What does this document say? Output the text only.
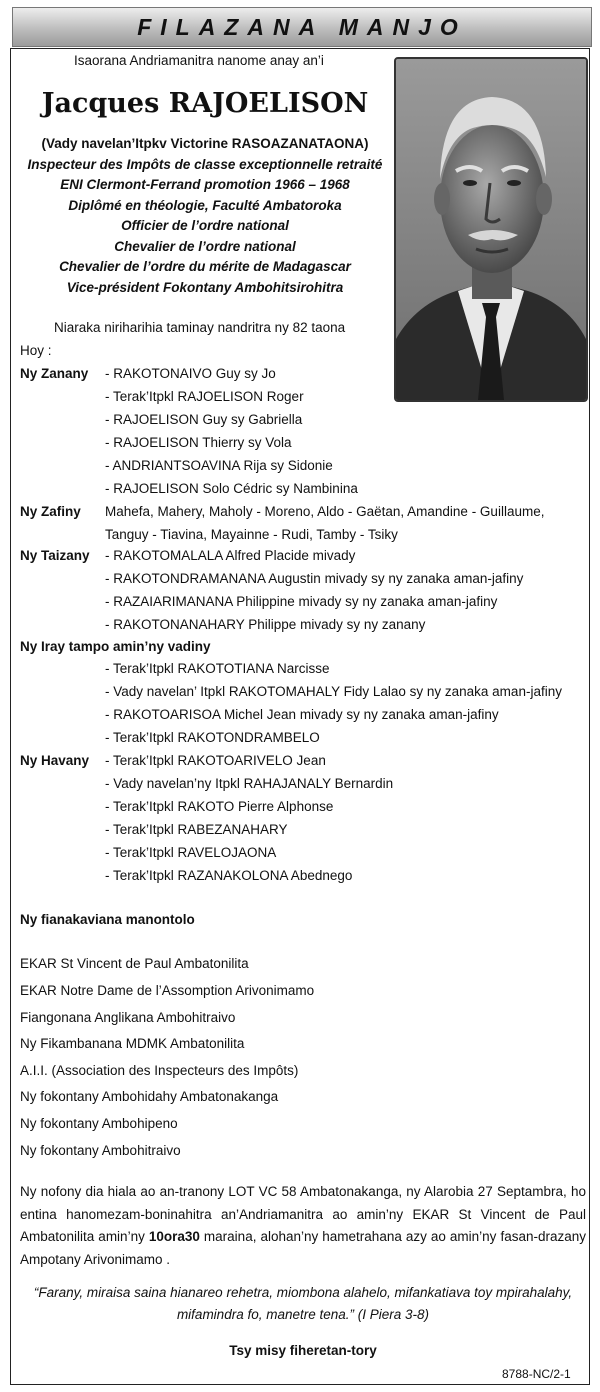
FILAZANA MANJO
Isaorana Andriamanitra nanome anay an’i
Jacques RAJOELISON
(Vady navelan’Itpkv Victorine RASOAZANATAONA)
Inspecteur des Impôts de classe exceptionnelle retraité
ENI Clermont-Ferrand promotion 1966 – 1968
Diplômé en théologie, Faculté Ambatoroka
Officier de l’ordre national
Chevalier de l’ordre national
Chevalier de l’ordre du mérite de Madagascar
Vice-président Fokontany Ambohitsirohitra
Niaraka niriharihia taminay nandritra ny 82 taona
Hoy :
Ny Zanany - RAKOTONAIVO Guy sy Jo
- Terak’Itpkl RAJOELISON Roger
- RAJOELISON Guy sy Gabriella
- RAJOELISON Thierry sy Vola
- ANDRIANTSOAVINA Rija sy Sidonie
- RAJOELISON Solo Cédric sy Nambinina
Ny Zafiny Mahefa, Mahery, Maholy - Moreno, Aldo - Gaëtan, Amandine - Guillaume,
Tanguy - Tiavina, Mayainne - Rudi, Tamby - Tsiky
Ny Taizany - RAKOTOMALALA Alfred Placide mivady
- RAKOTONDRAMANANA Augustin mivady sy ny zanaka aman-jafiny
- RAZAIARIMANANA Philippine mivady sy ny zanaka aman-jafiny
- RAKOTONANAHARY Philippe mivady sy ny zanany
Ny Iray tampo amin’ny vadiny
- Terak’Itpkl RAKOTOTIANA Narcisse
- Vady navelan’ Itpkl RAKOTOMAHALY Fidy Lalao sy ny zanaka aman-jafiny
- RAKOTOARISOA Michel Jean mivady sy ny zanaka aman-jafiny
- Terak’Itpkl RAKOTONDRAMBELO
Ny Havany - Terak’Itpkl RAKOTOARIVELO Jean
- Vady navelan’ny Itpkl RAHAJANALY Bernardin
- Terak’Itpkl RAKOTO Pierre Alphonse
- Terak’Itpkl RABEZANAHARY
- Terak’Itpkl RAVELOJAONA
- Terak’Itpkl RAZANAKOLONA Abednego
Ny fianakaviana manontolo
EKAR St Vincent de Paul Ambatonilita
EKAR Notre Dame de l’Assomption Arivonimamo
Fiangonana Anglikana Ambohitraivo
Ny Fikambanana MDMK Ambatonilita
A.I.I. (Association des Inspecteurs des Impôts)
Ny fokontany Ambohidahy Ambatonakanga
Ny fokontany Ambohipeno
Ny fokontany Ambohitraivo
Ny nofony dia hiala ao an-tranony LOT VC 58 Ambatonakanga, ny Alarobia 27 Septambra, ho entina hanomezam-boninahitra an’Andriamanitra ao amin’ny EKAR St Vincent de Paul Ambatonilita amin’ny 10ora30 maraina, alohan’ny hametrahana azy ao amin’ny fasan-drazany Ampotany Arivonimamo .
“Farany, miraisa saina hianareo rehetra, miombona alahelo, mifankatiava toy mpirahalahy, mifamindra fo, manetre tena.” (I Piera 3-8)
Tsy misy fiheretan-tory
8788-NC/2-1
